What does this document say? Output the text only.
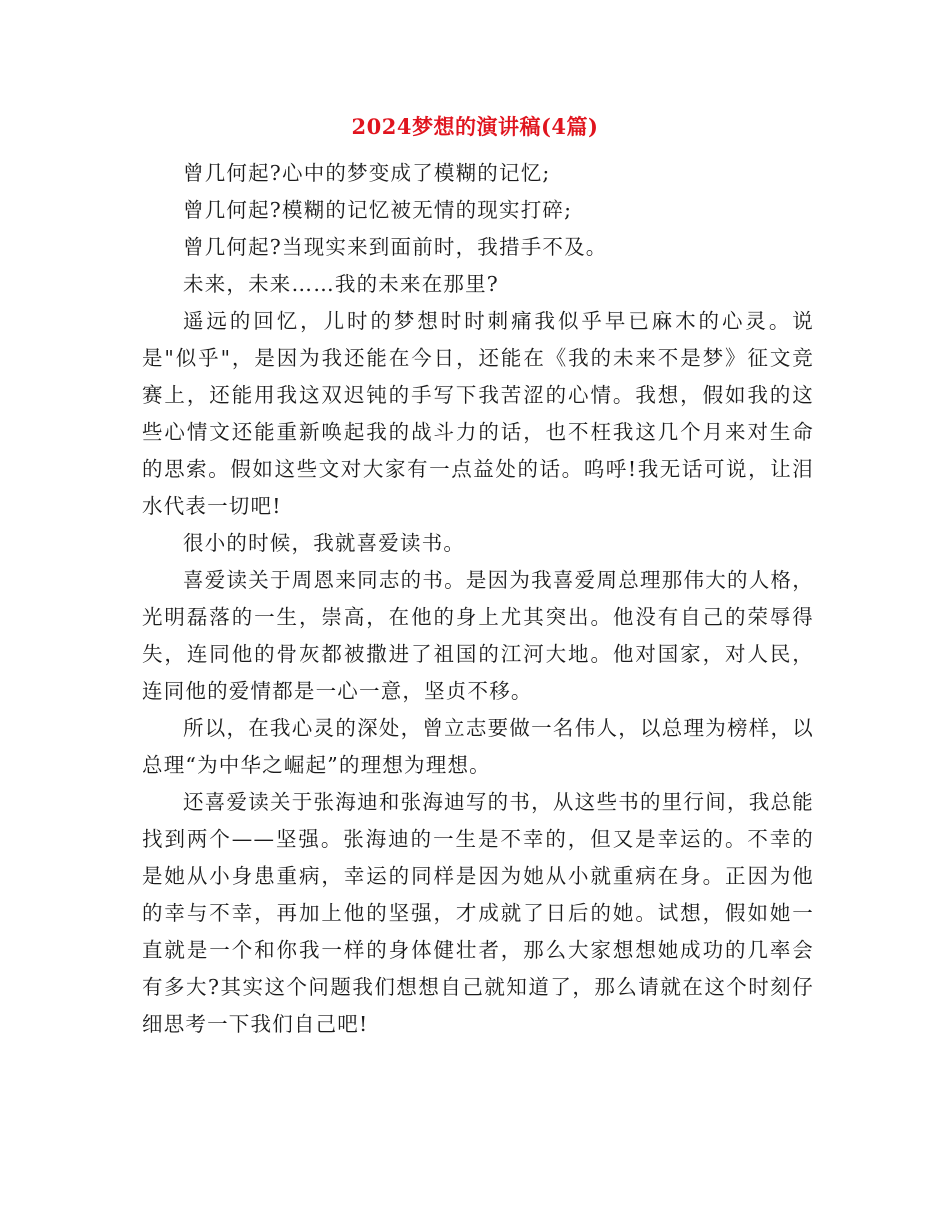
2024梦想的演讲稿(4篇)

曾几何起?心中的梦变成了模糊的记忆;

曾几何起?模糊的记忆被无情的现实打碎;

曾几何起?当现实来到面前时，我措手不及。

未来，未来……我的未来在那里?

遥远的回忆，儿时的梦想时时刺痛我似乎早已麻木的心灵。说是"似乎"，是因为我还能在今日，还能在《我的未来不是梦》征文竞赛上，还能用我这双迟钝的手写下我苦涩的心情。我想，假如我的这些心情文还能重新唤起我的战斗力的话，也不枉我这几个月来对生命的思索。假如这些文对大家有一点益处的话。呜呼!我无话可说，让泪水代表一切吧!

很小的时候，我就喜爱读书。

喜爱读关于周恩来同志的书。是因为我喜爱周总理那伟大的人格，光明磊落的一生，崇高，在他的身上尤其突出。他没有自己的荣辱得失，连同他的骨灰都被撒进了祖国的江河大地。他对国家，对人民，连同他的爱情都是一心一意，坚贞不移。

所以，在我心灵的深处，曾立志要做一名伟人，以总理为榜样，以总理“为中华之崛起”的理想为理想。

还喜爱读关于张海迪和张海迪写的书，从这些书的里行间，我总能找到两个——坚强。张海迪的一生是不幸的，但又是幸运的。不幸的是她从小身患重病，幸运的同样是因为她从小就重病在身。正因为他的幸与不幸，再加上他的坚强，才成就了日后的她。试想，假如她一直就是一个和你我一样的身体健壮者，那么大家想想她成功的几率会有多大?其实这个问题我们想想自己就知道了，那么请就在这个时刻仔细思考一下我们自己吧!
